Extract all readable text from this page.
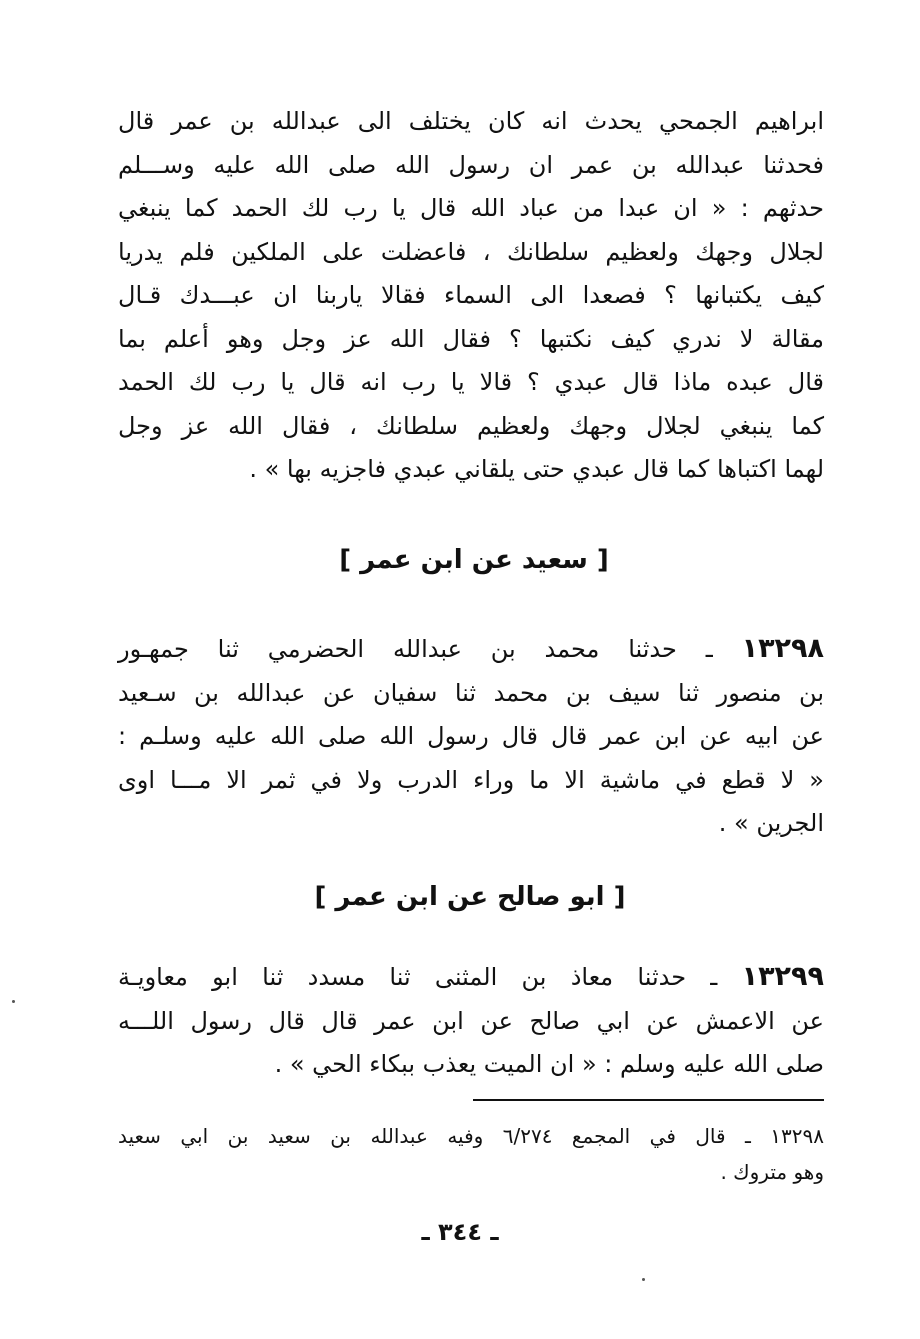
ابراهيم الجمحي يحدث انه كان يختلف الى عبدالله بن عمر قال
فحدثنا عبدالله بن عمر ان رسول الله صلى الله عليه وســـلم
حدثهم : « ان عبدا من عباد الله قال يا رب لك الحمد كما ينبغي
لجلال وجهك ولعظيم سلطانك ، فاعضلت على الملكين فلم يدريا
كيف يكتبانها ؟ فصعدا الى السماء فقالا ياربنا ان عبـــدك قـال
مقالة لا ندري كيف نكتبها ؟ فقال الله عز وجل وهو أعلم بما
قال عبده ماذا قال عبدي ؟ قالا يا رب انه قال يا رب لك الحمد
كما ينبغي لجلال وجهك ولعظيم سلطانك ، فقال الله عز وجل
لهما اكتباها كما قال عبدي حتى يلقاني عبدي فاجزيه بها » .
[ سعيد عن ابن عمر ]
١٣٢٩٨ ـ حدثنا محمد بن عبدالله الحضرمي ثنا جمهـور
بن منصور ثنا سيف بن محمد ثنا سفيان عن عبدالله بن سـعيد
عن ابيه عن ابن عمر قال قال رسول الله صلى الله عليه وسلـم :
« لا قطع في ماشية الا ما وراء الدرب ولا في ثمر الا مـــا اوى
الجرين » .
[ ابو صالح عن ابن عمر ]
١٣٢٩٩ ـ حدثنا معاذ بن المثنى ثنا مسدد ثنا ابو معاويـة
عن الاعمش عن ابي صالح عن ابن عمر قال قال رسول اللـــه
صلى الله عليه وسلم : « ان الميت يعذب ببكاء الحي » .
١٣٢٩٨ ـ قال في المجمع ٦/٢٧٤ وفيه عبدالله بن سعيد بن ابي سعيد
وهو متروك .
ـ ٣٤٤ ـ
